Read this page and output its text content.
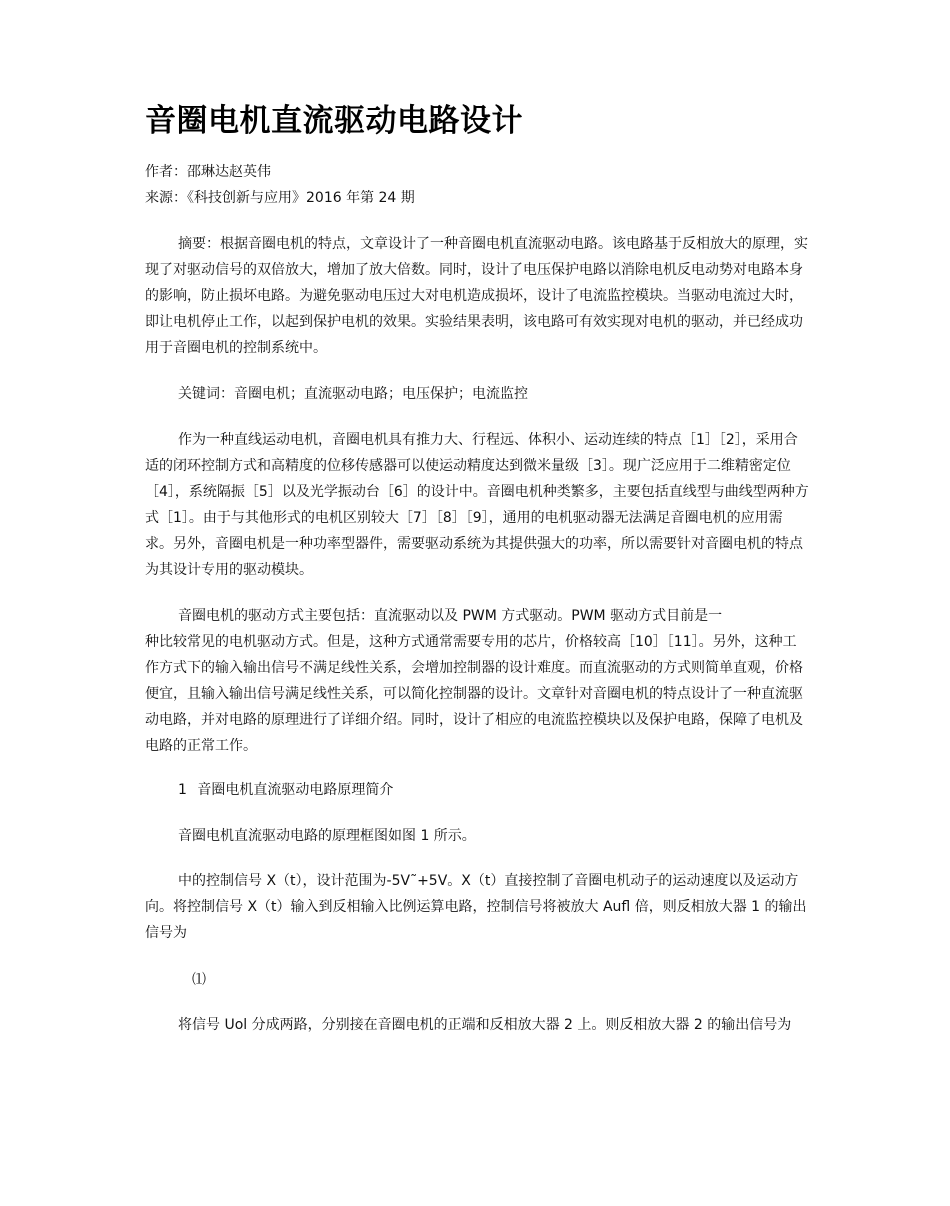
音圈电机直流驱动电路设计
作者：邵琳达赵英伟
来源：《科技创新与应用》2016 年第 24 期

摘要：根据音圈电机的特点，文章设计了一种音圈电机直流驱动电路。该电路基于反相放大的原理，实现了对驱动信号的双倍放大，增加了放大倍数。同时，设计了电压保护电路以消除电机反电动势对电路本身的影响，防止损坏电路。为避免驱动电压过大对电机造成损坏，设计了电流监控模块。当驱动电流过大时，即让电机停止工作，以起到保护电机的效果。实验结果表明，该电路可有效实现对电机的驱动，并已经成功用于音圈电机的控制系统中。

关键词：音圈电机；直流驱动电路；电压保护；电流监控

作为一种直线运动电机，音圈电机具有推力大、行程远、体积小、运动连续的特点［1］［2］，采用合适的闭环控制方式和高精度的位移传感器可以使运动精度达到微米量级［3］。现广泛应用于二维精密定位［4］，系统隔振［5］以及光学振动台［6］的设计中。音圈电机种类繁多，主要包括直线型与曲线型两种方式［1］。由于与其他形式的电机区别较大［7］［8］［9］，通用的电机驱动器无法满足音圈电机的应用需求。另外，音圈电机是一种功率型器件，需要驱动系统为其提供强大的功率，所以需要针对音圈电机的特点为其设计专用的驱动模块。

音圈电机的驱动方式主要包括：直流驱动以及 PWM 方式驱动。PWM 驱动方式目前是一
种比较常见的电机驱动方式。但是，这种方式通常需要专用的芯片，价格较高［10］［11］。另外，这种工作方式下的输入输出信号不满足线性关系，会增加控制器的设计难度。而直流驱动的方式则简单直观，价格便宜，且输入输出信号满足线性关系，可以简化控制器的设计。文章针对音圈电机的特点设计了一种直流驱动电路，并对电路的原理进行了详细介绍。同时，设计了相应的电流监控模块以及保护电路，保障了电机及电路的正常工作。

1 音圈电机直流驱动电路原理简介

音圈电机直流驱动电路的原理框图如图 1 所示。

中的控制信号 X（t），设计范围为-5V˜+5V。X（t）直接控制了音圈电机动子的运动速度以及运动方向。将控制信号 X（t）输入到反相输入比例运算电路，控制信号将被放大 Aufl 倍，则反相放大器 1 的输出信号为

⑴

将信号 Uol 分成两路，分别接在音圈电机的正端和反相放大器 2 上。则反相放大器 2 的输出信号为
